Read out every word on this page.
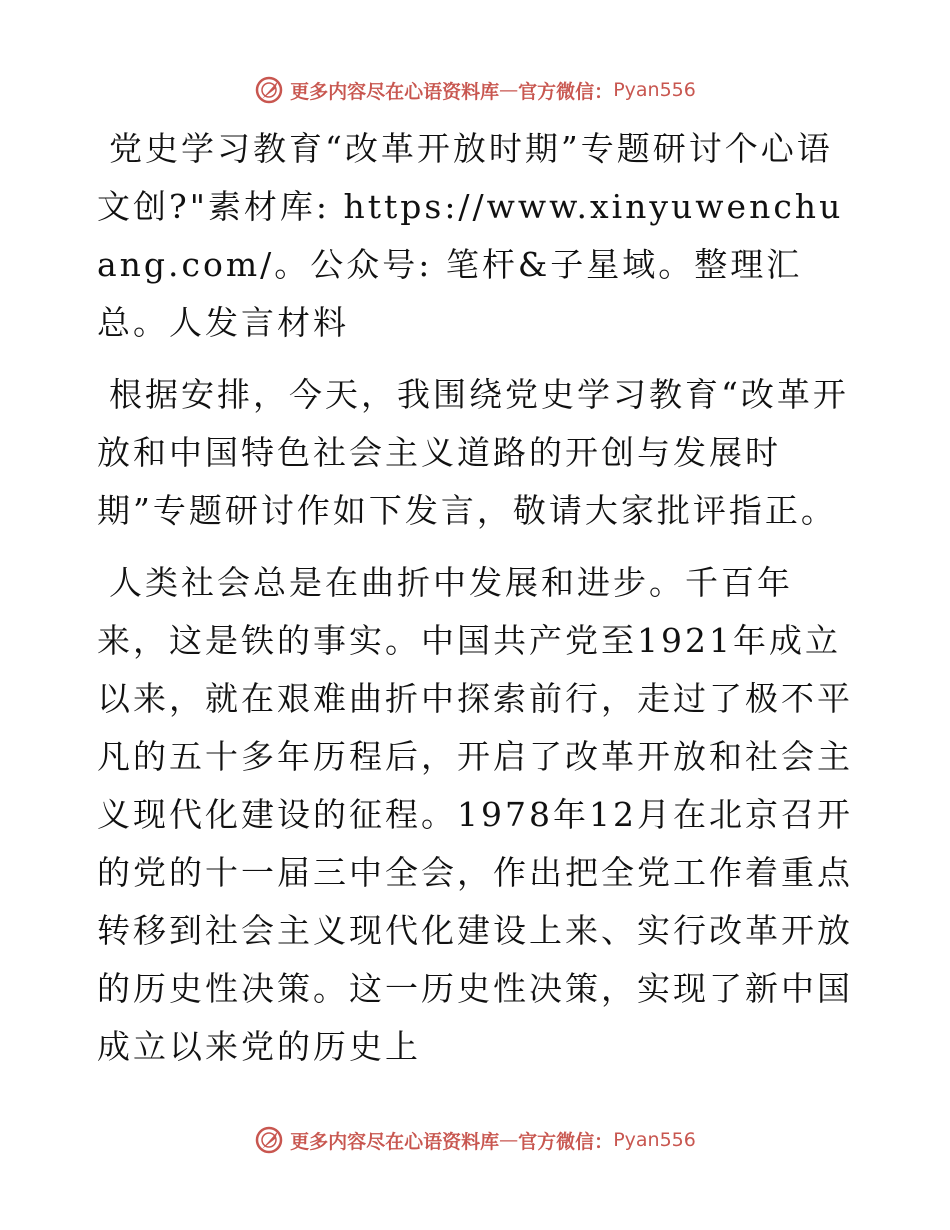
更多内容尽在心语资料库 — 官方微信： Pyan556

党史学习教育“改革开放时期”专题研讨个心语文创?"素材库: https://www.xinyuwenchuang.com/。公众号: 笔杆&子星域。整理汇总。人发言材料

根据安排，今天，我围绕党史学习教育“改革开放和中国特色社会主义道路的开创与发展时期”专题研讨作如下发言，敬请大家批评指正。

人类社会总是在曲折中发展和进步。千百年来，这是铁的事实。中国共产党至1921年成立以来，就在艰难曲折中探索前行，走过了极不平凡的五十多年历程后，开启了改革开放和社会主义现代化建设的征程。1978年12月在北京召开的党的十一届三中全会，作出把全党工作着重点转移到社会主义现代化建设上来、实行改革开放的历史性决策。这一历史性决策，实现了新中国成立以来党的历史上

更多内容尽在心语资料库 — 官方微信： Pyan556
